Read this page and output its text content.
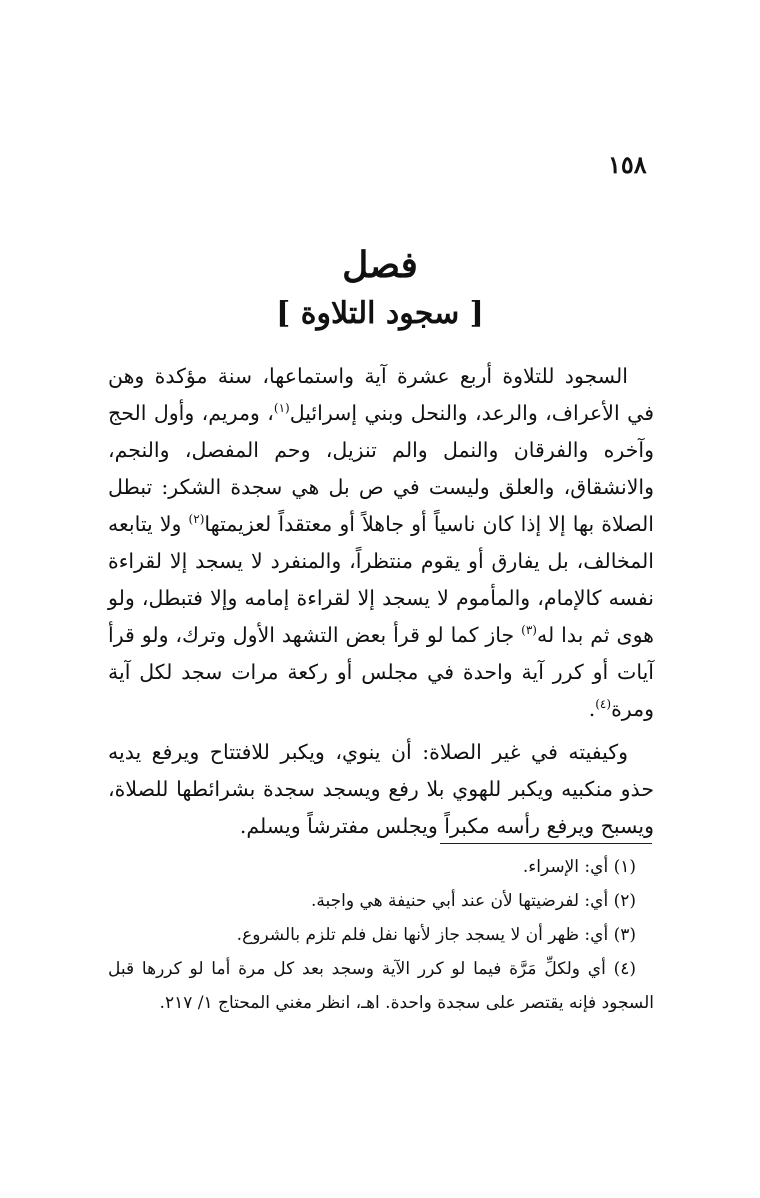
١٥٨
فصل
[ سجود التلاوة ]

السجود للتلاوة أربع عشرة آية واستماعها، سنة مؤكدة وهن في الأعراف، والرعد، والنحل وبني إسرائيل$^{(١)}$، ومريم، وأول الحج وآخره والفرقان والنمل والم تنزيل، وحم المفصل، والنجم، والانشقاق، والعلق وليست في ص بل هي سجدة الشكر: تبطل الصلاة بها إلا إذا كان ناسياً أو جاهلاً أو معتقداً لعزيمتها$^{(٢)}$ ولا يتابعه المخالف، بل يفارق أو يقوم منتظراً، والمنفرد لا يسجد إلا لقراءة نفسه كالإمام، والمأموم لا يسجد إلا لقراءة إمامه وإلا فتبطل، ولو هوى ثم بدا له$^{(٣)}$ جاز كما لو قرأ بعض التشهد الأول وترك، ولو قرأ آيات أو كرر آية واحدة في مجلس أو ركعة مرات سجد لكل آية ومرة$^{(٤)}$.

وكيفيته في غير الصلاة: أن ينوي، ويكبر للافتتاح ويرفع يديه حذو منكبيه ويكبر للهوي بلا رفع ويسجد سجدة بشرائطها للصلاة، ويسبح ويرفع رأسه مكبراً ويجلس مفترشاً ويسلم.

(١) أي: الإسراء.

(٢) أي: لفرضيتها لأن عند أبي حنيفة هي واجبة.

(٣) أي: ظهر أن لا يسجد جاز لأنها نفل فلم تلزم بالشروع.

(٤) أي ولكلِّ مَرَّة فيما لو كرر الآية وسجد بعد كل مرة أما لو كررها قبل السجود فإنه يقتصر على سجدة واحدة. اهـ، انظر مغني المحتاج ١/ ٢١٧.
